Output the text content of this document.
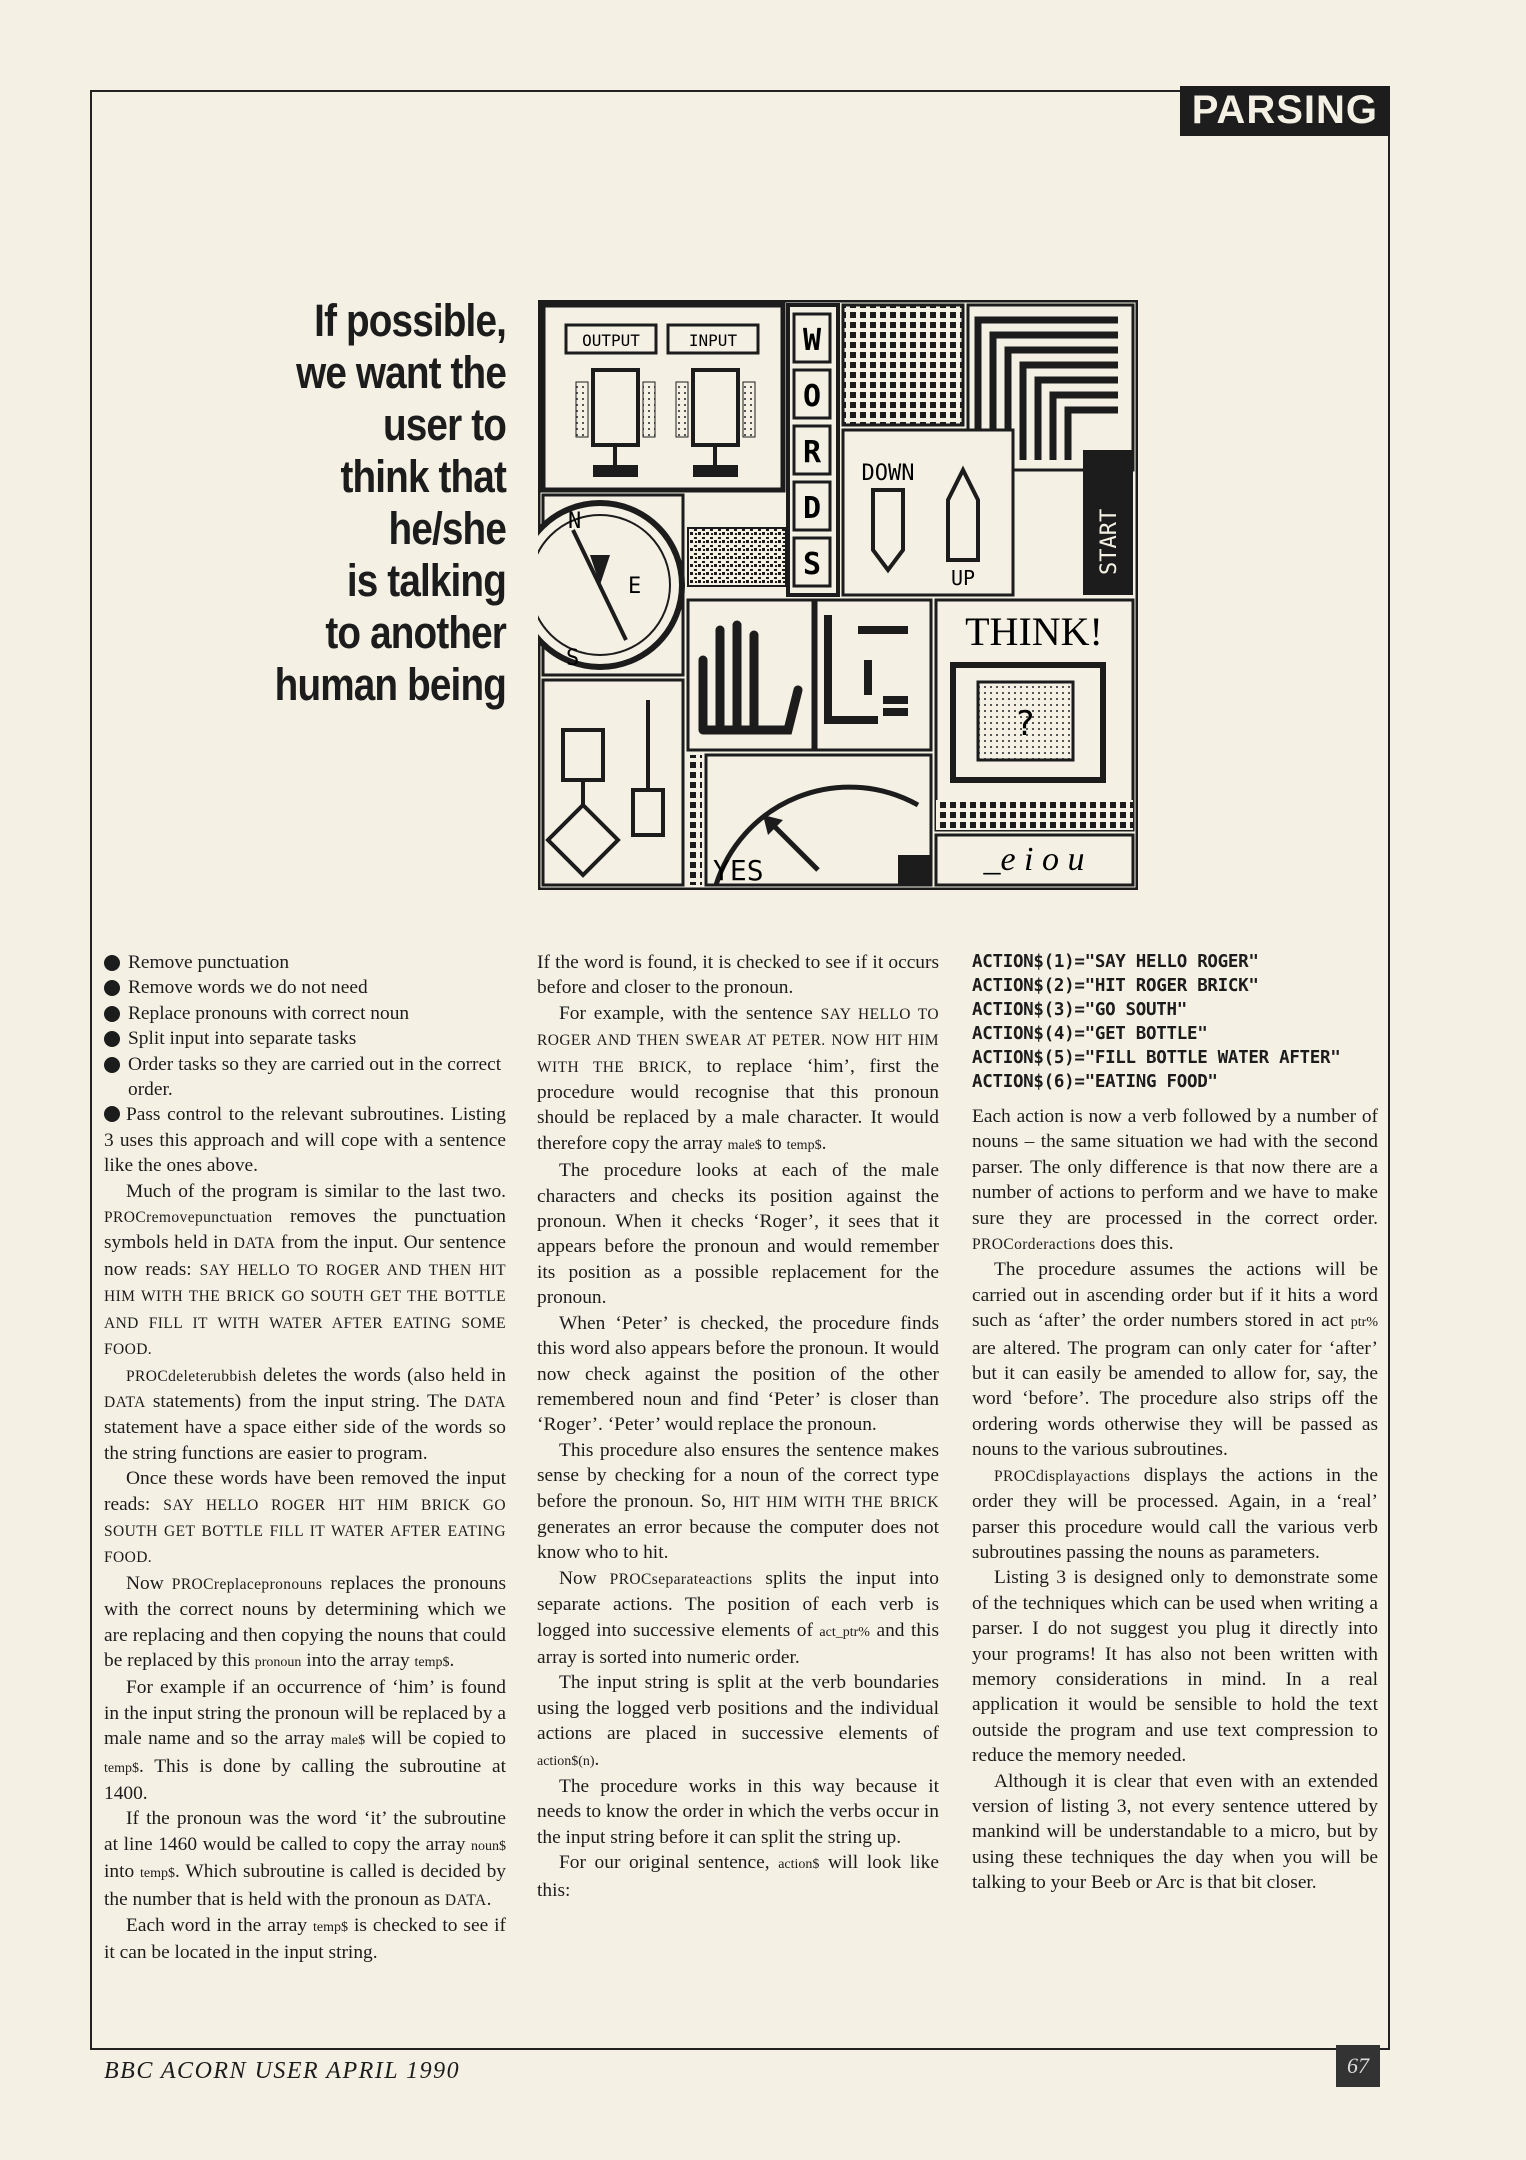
PARSING
If possible,
we want the
user to
think that
he/she
is talking
to another
human being
OUTPUT	INPUT W
O
R
D
S
N
E
S
DOWN
UP
START
THINK!
?
YES	_e i o u
Remove punctuation
Remove words we do not need
Replace pronouns with correct noun
Split input into separate tasks
Order tasks so they are carried out in the correct order.
Pass control to the relevant subroutines. Listing 3 uses this approach and will cope with a sentence like the ones above.

Much of the program is similar to the last two. PROCremovepunctuation removes the punctuation symbols held in DATA from the input. Our sentence now reads: SAY HELLO TO ROGER AND THEN HIT HIM WITH THE BRICK GO SOUTH GET THE BOTTLE AND FILL IT WITH WATER AFTER EATING SOME FOOD.

PROCdeleterubbish deletes the words (also held in DATA statements) from the input string. The DATA statement have a space either side of the words so the string functions are easier to program.

Once these words have been removed the input reads: SAY HELLO ROGER HIT HIM BRICK GO SOUTH GET BOTTLE FILL IT WATER AFTER EATING FOOD.

Now PROCreplacepronouns replaces the pronouns with the correct nouns by determining which we are replacing and then copying the nouns that could be replaced by this pronoun into the array temp$.

For example if an occurrence of ‘him’ is found in the input string the pronoun will be replaced by a male name and so the array male$ will be copied to temp$. This is done by calling the subroutine at 1400.

If the pronoun was the word ‘it’ the subroutine at line 1460 would be called to copy the array noun$ into temp$. Which subroutine is called is decided by the number that is held with the pronoun as DATA.

Each word in the array temp$ is checked to see if it can be located in the input string.

If the word is found, it is checked to see if it occurs before and closer to the pronoun.

For example, with the sentence SAY HELLO TO ROGER AND THEN SWEAR AT PETER. NOW HIT HIM WITH THE BRICK, to replace ‘him’, first the procedure would recognise that this pronoun should be replaced by a male character. It would therefore copy the array male$ to temp$.

The procedure looks at each of the male characters and checks its position against the pronoun. When it checks ‘Roger’, it sees that it appears before the pronoun and would remember its position as a possible replacement for the pronoun.

When ‘Peter’ is checked, the procedure finds this word also appears before the pronoun. It would now check against the position of the other remembered noun and find ‘Peter’ is closer than ‘Roger’. ‘Peter’ would replace the pronoun.

This procedure also ensures the sentence makes sense by checking for a noun of the correct type before the pronoun. So, HIT HIM WITH THE BRICK generates an error because the computer does not know who to hit.

Now PROCseparateactions splits the input into separate actions. The position of each verb is logged into successive elements of act_ptr% and this array is sorted into numeric order.

The input string is split at the verb boundaries using the logged verb positions and the individual actions are placed in successive elements of action$(n).

The procedure works in this way because it needs to know the order in which the verbs occur in the input string before it can split the string up.

For our original sentence, action$ will look like this:

ACTION$(1)="SAY HELLO ROGER"
ACTION$(2)="HIT ROGER BRICK"
ACTION$(3)="GO SOUTH"
ACTION$(4)="GET BOTTLE"
ACTION$(5)="FILL BOTTLE WATER AFTER"
ACTION$(6)="EATING FOOD"

Each action is now a verb followed by a number of nouns – the same situation we had with the second parser. The only difference is that now there are a number of actions to perform and we have to make sure they are processed in the correct order. PROCorderactions does this.

The procedure assumes the actions will be carried out in ascending order but if it hits a word such as ‘after’ the order numbers stored in act ptr% are altered. The program can only cater for ‘after’ but it can easily be amended to allow for, say, the word ‘before’. The procedure also strips off the ordering words otherwise they will be passed as nouns to the various subroutines.

PROCdisplayactions displays the actions in the order they will be processed. Again, in a ‘real’ parser this procedure would call the various verb subroutines passing the nouns as parameters.

Listing 3 is designed only to demonstrate some of the techniques which can be used when writing a parser. I do not suggest you plug it directly into your programs! It has also not been written with memory considerations in mind. In a real application it would be sensible to hold the text outside the program and use text compression to reduce the memory needed.

Although it is clear that even with an extended version of listing 3, not every sentence uttered by mankind will be understandable to a micro, but by using these techniques the day when you will be talking to your Beeb or Arc is that bit closer.

BBC ACORN USER APRIL 1990	67
